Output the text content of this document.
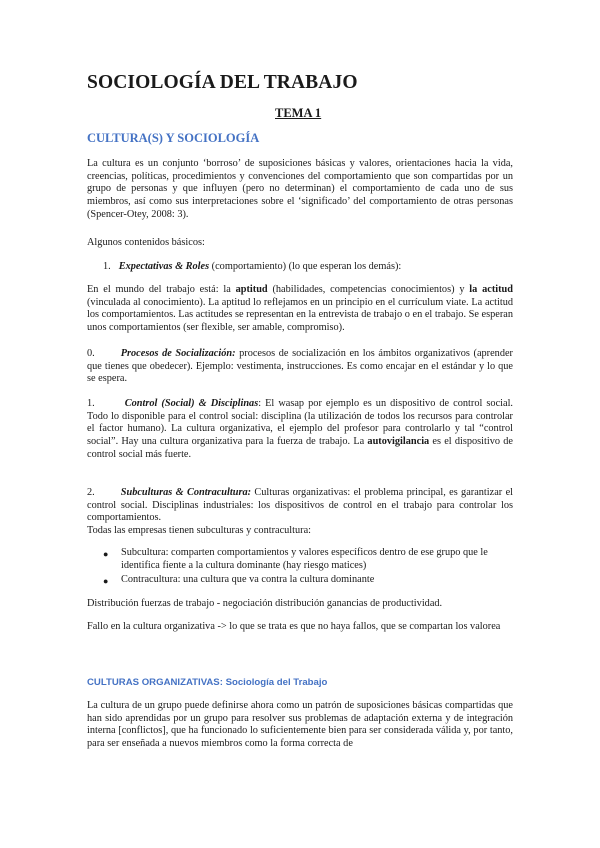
SOCIOLOGÍA DEL TRABAJO
TEMA 1
CULTURA(S) Y SOCIOLOGÍA
La cultura es un conjunto ‘borroso’ de suposiciones básicas y valores, orientaciones hacia la vida, creencias, políticas, procedimientos y convenciones del comportamiento que son compartidas por un grupo de personas y que influyen (pero no determinan) el comportamiento de cada uno de sus miembros, así como sus interpretaciones sobre el ‘significado’ del comportamiento de otras personas (Spencer-Otey, 2008: 3).
Algunos contenidos básicos:
1. Expectativas & Roles (comportamiento) (lo que esperan los demás):
En el mundo del trabajo está: la aptitud (habilidades, competencias conocimientos) y la actitud (vinculada al conocimiento). La aptitud lo reflejamos en un principio en el currículum viate. La actitud los comportamientos. Las actitudes se representan en la entrevista de trabajo o en el trabajo. Se esperan unos comportamientos (ser flexible, ser amable, compromiso).
0.	Procesos de Socialización: procesos de socialización en los ámbitos organizativos (aprender que tienes que obedecer). Ejemplo: vestimenta, instrucciones. Es como encajar en el estándar y lo que se espera.
1.	Control (Social) & Disciplinas: El wasap por ejemplo es un dispositivo de control social. Todo lo disponible para el control social: disciplina (la utilización de todos los recursos para controlar el factor humano). La cultura organizativa, el ejemplo del profesor para controlarlo y tal “control social”. Hay una cultura organizativa para la fuerza de trabajo. La autovigilancia es el dispositivo de control social más fuerte.
2.	Subculturas & Contracultura: Culturas organizativas: el problema principal, es garantizar el control social. Disciplinas industriales: los dispositivos de control en el trabajo para controlar los comportamientos.
Todas las empresas tienen subculturas y contracultura:
● Subcultura: comparten comportamientos y valores específicos dentro de ese grupo que le identifica fiente a la cultura dominante (hay riesgo matices)
● Contracultura: una cultura que va contra la cultura dominante
Distribución fuerzas de trabajo - negociación distribución ganancias de productividad.
Fallo en la cultura organizativa -> lo que se trata es que no haya fallos, que se compartan los valorea
CULTURAS ORGANIZATIVAS: Sociología del Trabajo
La cultura de un grupo puede definirse ahora como un patrón de suposiciones básicas compartidas que han sido aprendidas por un grupo para resolver sus problemas de adaptación externa y de integración interna [conflictos], que ha funcionado lo suficientemente bien para ser considerada válida y, por tanto, para ser enseñada a nuevos miembros como la forma correcta de
